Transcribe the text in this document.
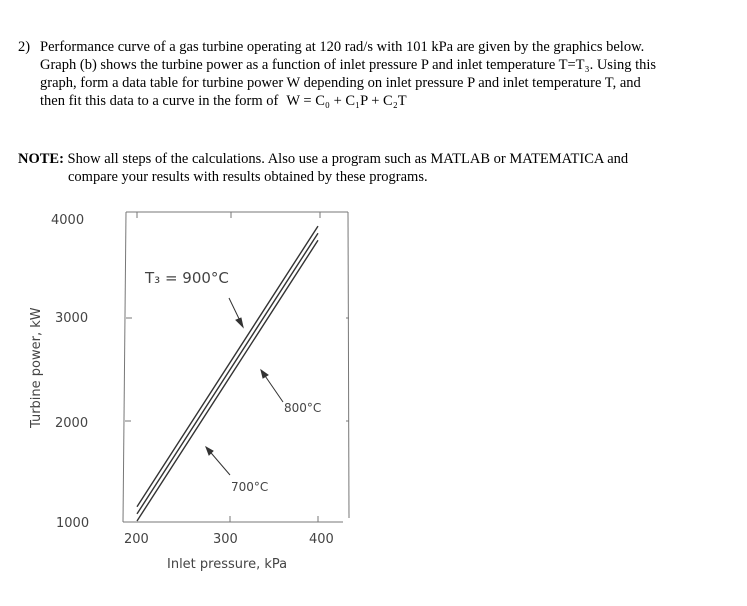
2) Performance curve of a gas turbine operating at 120 rad/s with 101 kPa are given by the graphics below.
Graph (b) shows the turbine power as a function of inlet pressure P and inlet temperature T=T₃. Using this
graph, form a data table for turbine power W depending on inlet pressure P and inlet temperature T, and
then fit this data to a curve in the form of W = C₀ + C₁P + C₂T
NOTE: Show all steps of the calculations. Also use a program such as MATLAB or MATEMATICA and
compare your results with results obtained by these programs.
4000
3000
2000
1000
200	300	400
Inlet pressure, kPa
Turbine power, kW
T₃ = 900°C
800°C
700°C
